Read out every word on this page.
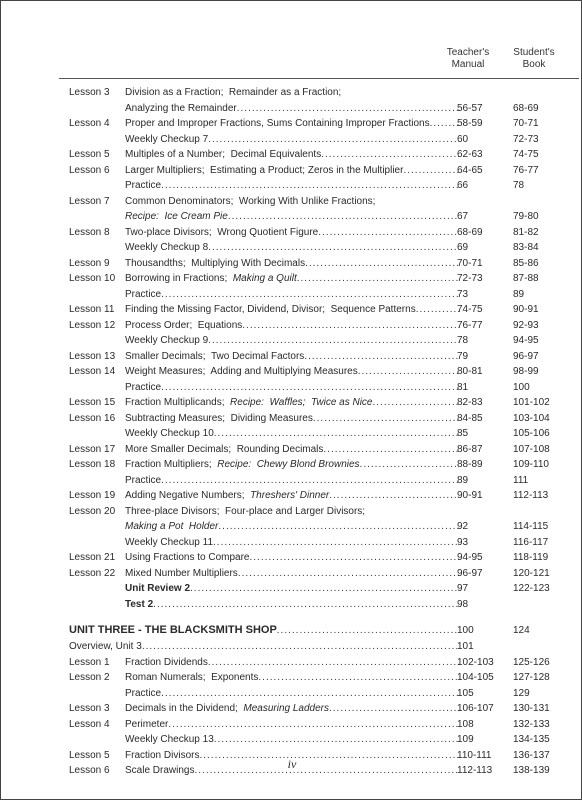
Teacher's
Manual
Student's
Book
Lesson 3 Division as a Fraction;  Remainder as a Fraction;
Analyzing the Remainder .....	56-57	68-69
Lesson 4 Proper and Improper Fractions, Sums Containing Improper Fractions .....	58-59	70-71
Weekly Checkup 7 .....	60	72-73
Lesson 5 Multiples of a Number;  Decimal Equivalents .....	62-63	74-75
Lesson 6 Larger Multipliers;  Estimating a Product; Zeros in the Multiplier .....	64-65	76-77
Practice .....	66	78
Lesson 7 Common Denominators;  Working With Unlike Fractions;
Recipe:  Ice Cream Pie .....	67	79-80
Lesson 8 Two-place Divisors;  Wrong Quotient Figure .....	68-69	81-82
Weekly Checkup 8 .....	69	83-84
Lesson 9 Thousandths;  Multiplying With Decimals .....	70-71	85-86
Lesson 10 Borrowing in Fractions; Making a Quilt .....	72-73	87-88
Practice .....	73	89
Lesson 11 Finding the Missing Factor, Dividend, Divisor;  Sequence Patterns .....	74-75	90-91
Lesson 12 Process Order;  Equations .....	76-77	92-93
Weekly Checkup 9 .....	78	94-95
Lesson 13 Smaller Decimals;  Two Decimal Factors .....	79	96-97
Lesson 14 Weight Measures;  Adding and Multiplying Measures .....	80-81	98-99
Practice .....	81	100
Lesson 15 Fraction Multiplicands; Recipe:  Waffles;  Twice as Nice .....	82-83	101-102
Lesson 16 Subtracting Measures;  Dividing Measures .....	84-85	103-104
Weekly Checkup 10 .....	85	105-106
Lesson 17 More Smaller Decimals;  Rounding Decimals .....	86-87	107-108
Lesson 18 Fraction Multipliers; Recipe:  Chewy Blond Brownies .....	88-89	109-110
Practice .....	89	111
Lesson 19 Adding Negative Numbers; Threshers' Dinner .....	90-91	112-113
Lesson 20 Three-place Divisors;  Four-place and Larger Divisors;
Making a Pot  Holder .....	92	114-115
Weekly Checkup 11 .....	93	116-117
Lesson 21 Using Fractions to Compare .....	94-95	118-119
Lesson 22 Mixed Number Multipliers .....	96-97	120-121
Unit Review 2 .....	97	122-123
Test 2 .....	98
UNIT THREE - THE BLACKSMITH SHOP .....	100	124
Overview, Unit 3 .....	101
Lesson 1 Fraction Dividends .....	102-103	125-126
Lesson 2 Roman Numerals;  Exponents .....	104-105	127-128
Practice .....	105	129
Lesson 3 Decimals in the Dividend; Measuring Ladders .....	106-107	130-131
Lesson 4 Perimeter .....	108	132-133
Weekly Checkup 13 .....	109	134-135
Lesson 5 Fraction Divisors .....	110-111	136-137
Lesson 6 Scale Drawings .....	112-113	138-139
iv
